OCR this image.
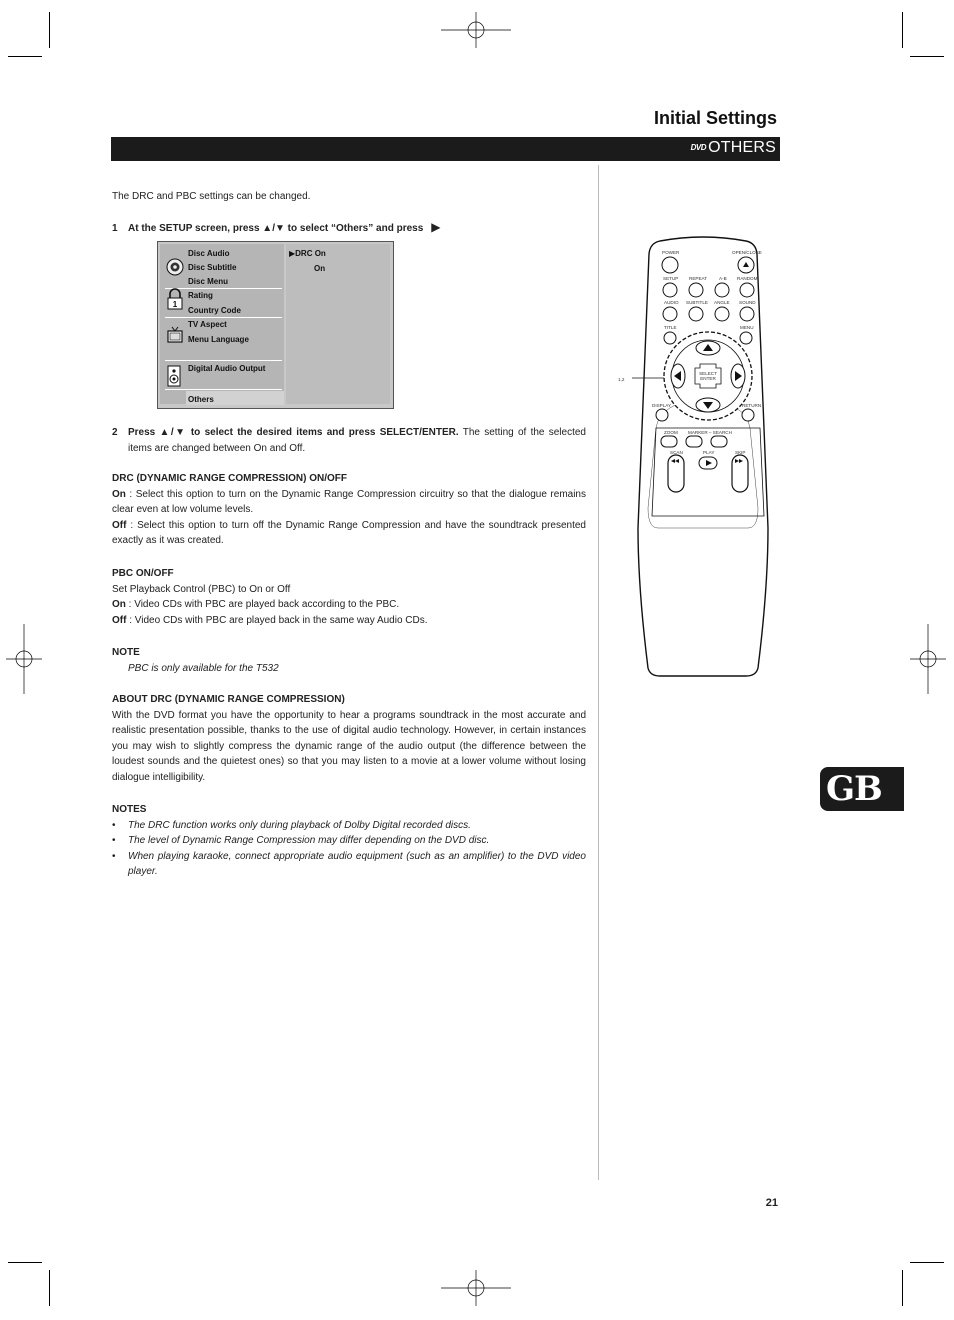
Initial Settings
DVD OTHERS
The DRC and PBC settings can be changed.
1 At the SETUP screen, press ▲/▼ to select “Others” and press ▶
Disc Audio
Disc Subtitle
Disc Menu
Rating
Country Code
TV Aspect
Menu Language
Digital Audio Output
Others
1
▶DRC On
On
2 Press ▲/▼ to select the desired items and press SELECT/ENTER. The setting of the selected items are changed between On and Off.
DRC (DYNAMIC RANGE COMPRESSION) ON/OFF
On : Select this option to turn on the Dynamic Range Compression circuitry so that the dialogue remains clear even at low volume levels.
Off : Select this option to turn off the Dynamic Range Compression and have the soundtrack presented exactly as it was created.
PBC ON/OFF
Set Playback Control (PBC) to On or Off
On : Video CDs with PBC are played back according to the PBC.
Off : Video CDs with PBC are played back in the same way Audio CDs.
NOTE
PBC is only available for the T532
ABOUT DRC (DYNAMIC RANGE COMPRESSION)
With the DVD format you have the opportunity to hear a programs soundtrack in the most accurate and realistic presentation possible, thanks to the use of digital audio technology. However, in certain instances you may wish to slightly compress the dynamic range of the audio output (the difference between the loudest sounds and the quietest ones) so that you may listen to a movie at a lower volume without losing dialogue intelligibility.
NOTES
•	The DRC function works only during playback of Dolby Digital recorded discs.
•	The level of Dynamic Range Compression may differ depending on the DVD disc.
•	When playing karaoke, connect appropriate audio equipment (such as an amplifier) to the DVD video player.
1,2
POWER	OPEN/CLOSE
SETUP REPEAT	A-B RANDOM
AUDIO SUBTITLE ANGLE SOUND
TITLE	MENU
SELECT
ENTER
DISPLAY	RETURN
ZOOM MARKER – SEARCH
SCAN	PLAY	SKIP
21
GB
